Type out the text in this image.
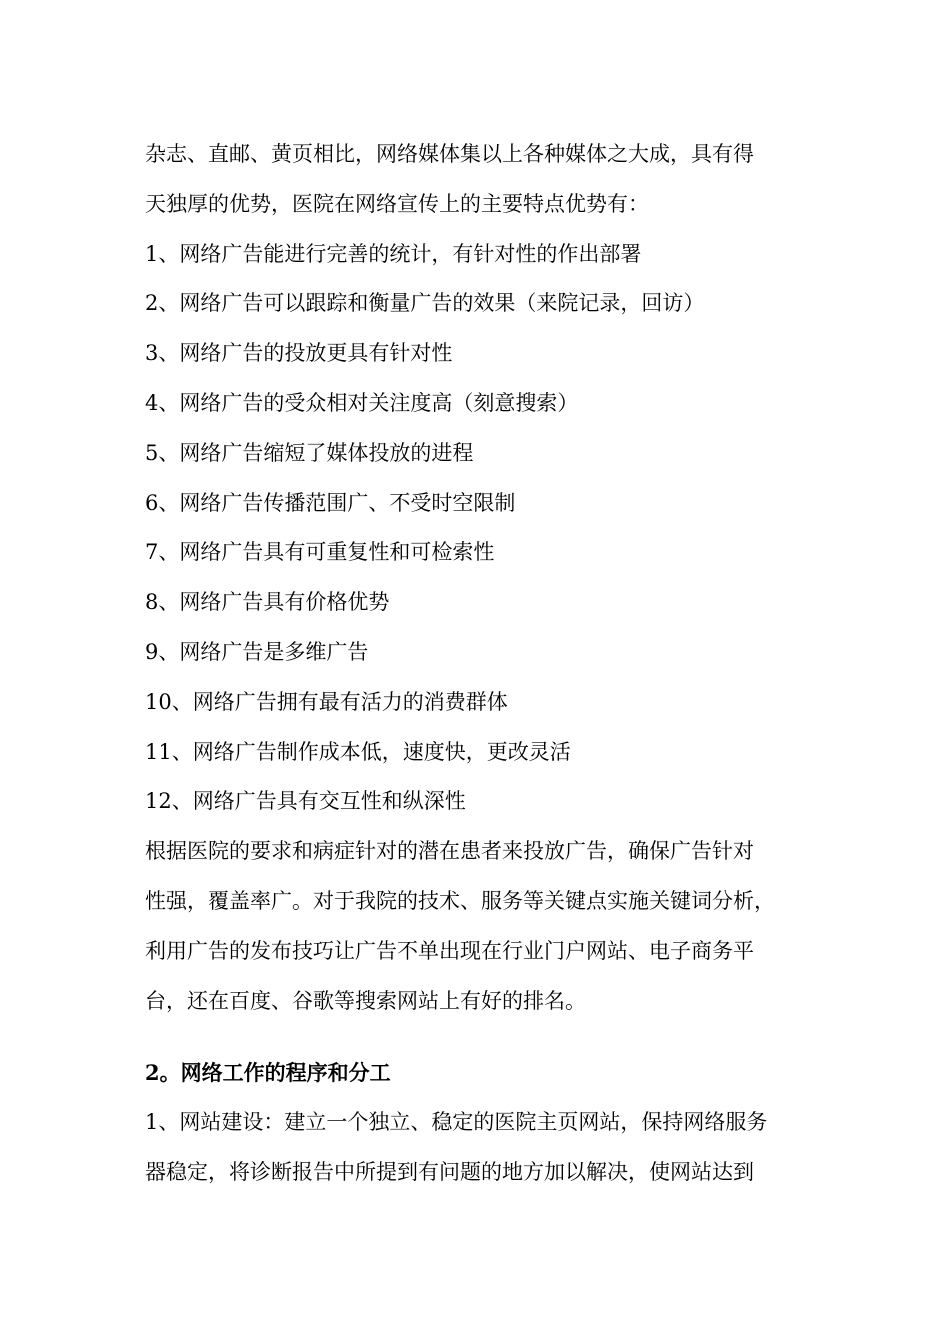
杂志、直邮、黄页相比，网络媒体集以上各种媒体之大成，具有得

天独厚的优势，医院在网络宣传上的主要特点优势有：

1、网络广告能进行完善的统计，有针对性的作出部署

2、网络广告可以跟踪和衡量广告的效果（来院记录，回访）

3、网络广告的投放更具有针对性

4、网络广告的受众相对关注度高（刻意搜索）

5、网络广告缩短了媒体投放的进程

6、网络广告传播范围广、不受时空限制

7、网络广告具有可重复性和可检索性

8、网络广告具有价格优势

9、网络广告是多维广告

10、网络广告拥有最有活力的消费群体

11、网络广告制作成本低，速度快，更改灵活

12、网络广告具有交互性和纵深性

根据医院的要求和病症针对的潜在患者来投放广告，确保广告针对

性强，覆盖率广。对于我院的技术、服务等关键点实施关键词分析，

利用广告的发布技巧让广告不单出现在行业门户网站、电子商务平

台，还在百度、谷歌等搜索网站上有好的排名。

2。网络工作的程序和分工

1、网站建设：建立一个独立、稳定的医院主页网站，保持网络服务

器稳定，将诊断报告中所提到有问题的地方加以解决，使网站达到
